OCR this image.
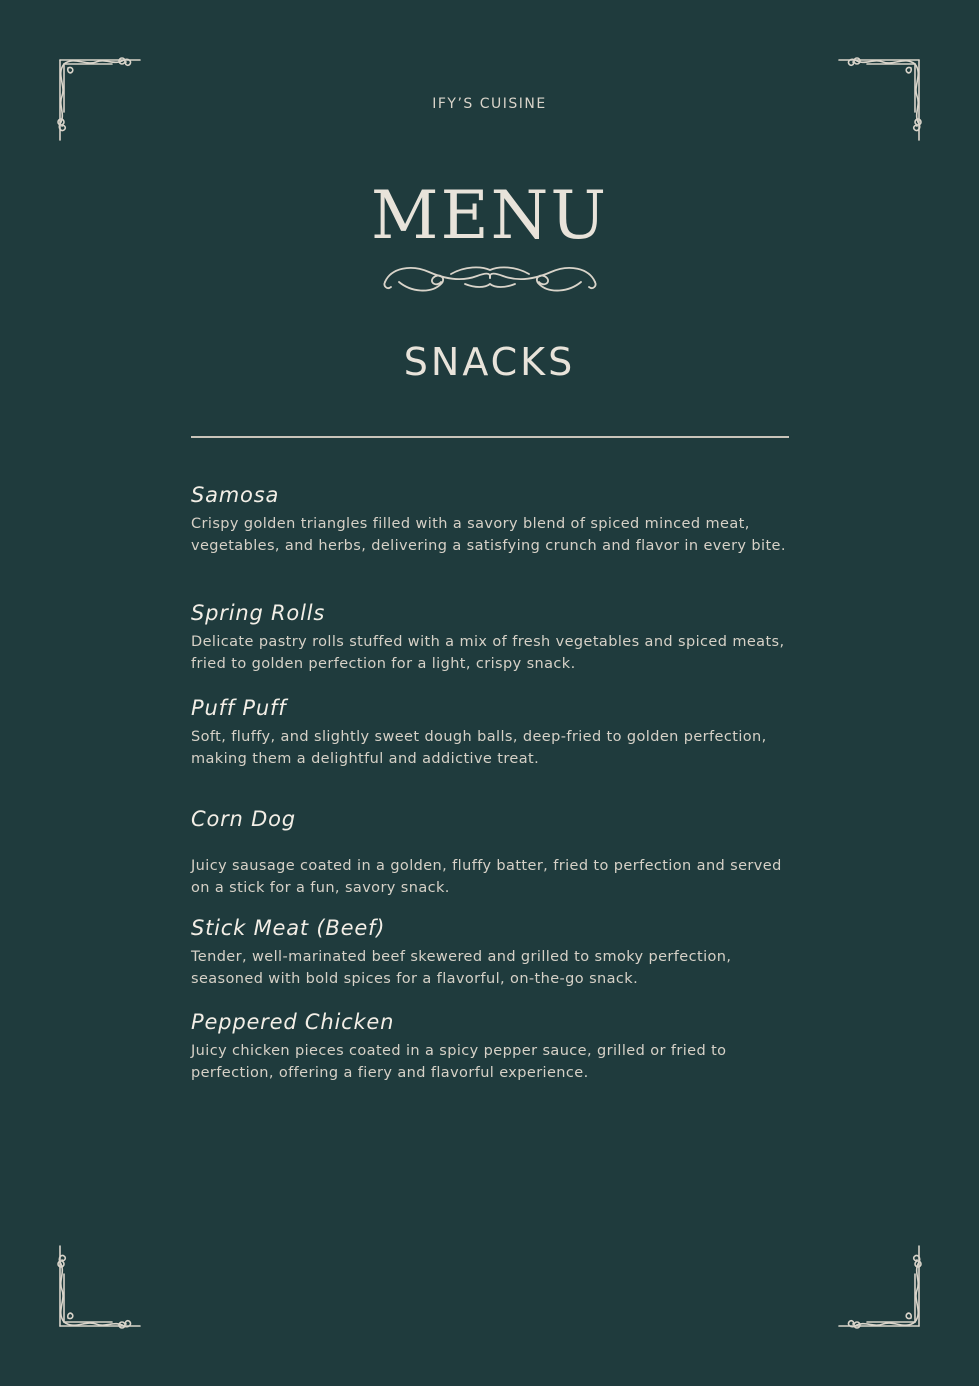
IFY’S CUISINE
MENU
SNACKS
Samosa
Crispy golden triangles filled with a savory blend of spiced minced meat, vegetables, and herbs, delivering a satisfying crunch and flavor in every bite.
Spring Rolls
Delicate pastry rolls stuffed with a mix of fresh vegetables and spiced meats, fried to golden perfection for a light, crispy snack.
Puff Puff
Soft, fluffy, and slightly sweet dough balls, deep-fried to golden perfection, making them a delightful and addictive treat.
Corn Dog
Juicy sausage coated in a golden, fluffy batter, fried to perfection and served on a stick for a fun, savory snack.
Stick Meat (Beef)
Tender, well-marinated beef skewered and grilled to smoky perfection, seasoned with bold spices for a flavorful, on-the-go snack.
Peppered Chicken
Juicy chicken pieces coated in a spicy pepper sauce, grilled or fried to perfection, offering a fiery and flavorful experience.
